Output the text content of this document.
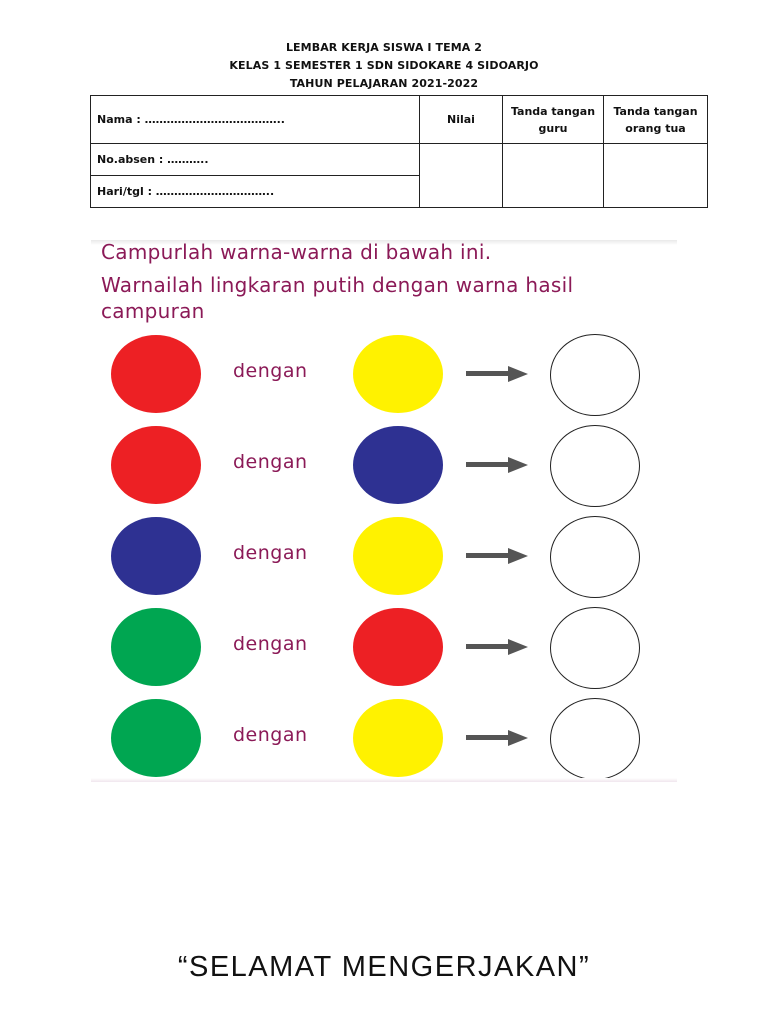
LEMBAR KERJA SISWA I TEMA 2
KELAS 1 SEMESTER 1 SDN SIDOKARE 4 SIDOARJO
TAHUN PELAJARAN 2021-2022
Nama : ………………………………..	Nilai	Tanda tangan guru	Tanda tangan orang tua
No.absen : ………..			
Hari/tgl : …………………………..			
Campurlah warna-warna di bawah ini.
Warnailah lingkaran putih dengan warna hasil
campuran
dengan
dengan
dengan
dengan
dengan
“SELAMAT MENGERJAKAN”
